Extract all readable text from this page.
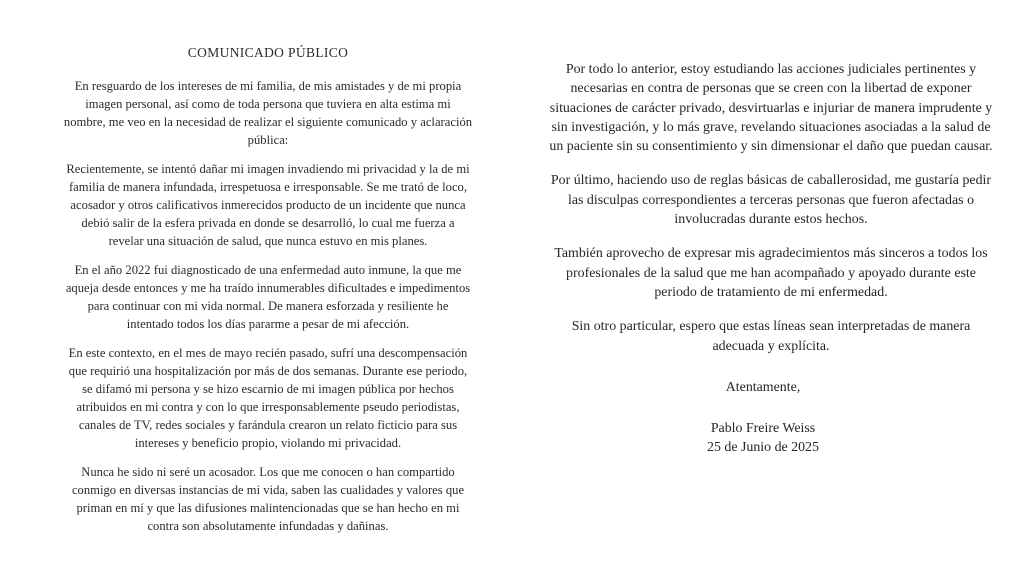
COMUNICADO PÚBLICO

En resguardo de los intereses de mi familia, de mis amistades y de mi propia imagen personal, así como de toda persona que tuviera en alta estima mi nombre, me veo en la necesidad de realizar el siguiente comunicado y aclaración pública:

Recientemente, se intentó dañar mi imagen invadiendo mi privacidad y la de mi familia de manera infundada, irrespetuosa e irresponsable. Se me trató de loco, acosador y otros calificativos inmerecidos producto de un incidente que nunca debió salir de la esfera privada en donde se desarrolló, lo cual me fuerza a revelar una situación de salud, que nunca estuvo en mis planes.

En el año 2022 fui diagnosticado de una enfermedad auto inmune, la que me aqueja desde entonces y me ha traído innumerables dificultades e impedimentos para continuar con mi vida normal. De manera esforzada y resiliente he intentado todos los días pararme a pesar de mi afección.

En este contexto, en el mes de mayo recién pasado, sufrí una descompensación que requirió una hospitalización por más de dos semanas. Durante ese periodo, se difamó mi persona y se hizo escarnio de mi imagen pública por hechos atribuidos en mi contra y con lo que irresponsablemente pseudo periodistas, canales de TV, redes sociales y farándula crearon un relato ficticio para sus intereses y beneficio propio, violando mi privacidad.

Nunca he sido ni seré un acosador. Los que me conocen o han compartido conmigo en diversas instancias de mi vida, saben las cualidades y valores que priman en mí y que las difusiones malintencionadas que se han hecho en mi contra son absolutamente infundadas y dañinas.

Por todo lo anterior, estoy estudiando las acciones judiciales pertinentes y necesarias en contra de personas que se creen con la libertad de exponer situaciones de carácter privado, desvirtuarlas e injuriar de manera imprudente y sin investigación, y lo más grave, revelando situaciones asociadas a la salud de un paciente sin su consentimiento y sin dimensionar el daño que puedan causar.

Por último, haciendo uso de reglas básicas de caballerosidad, me gustaría pedir las disculpas correspondientes a terceras personas que fueron afectadas o involucradas durante estos hechos.

También aprovecho de expresar mis agradecimientos más sinceros a todos los profesionales de la salud que me han acompañado y apoyado durante este periodo de tratamiento de mi enfermedad.

Sin otro particular, espero que estas líneas sean interpretadas de manera adecuada y explícita.

Atentamente,

Pablo Freire Weiss

25 de Junio de 2025
